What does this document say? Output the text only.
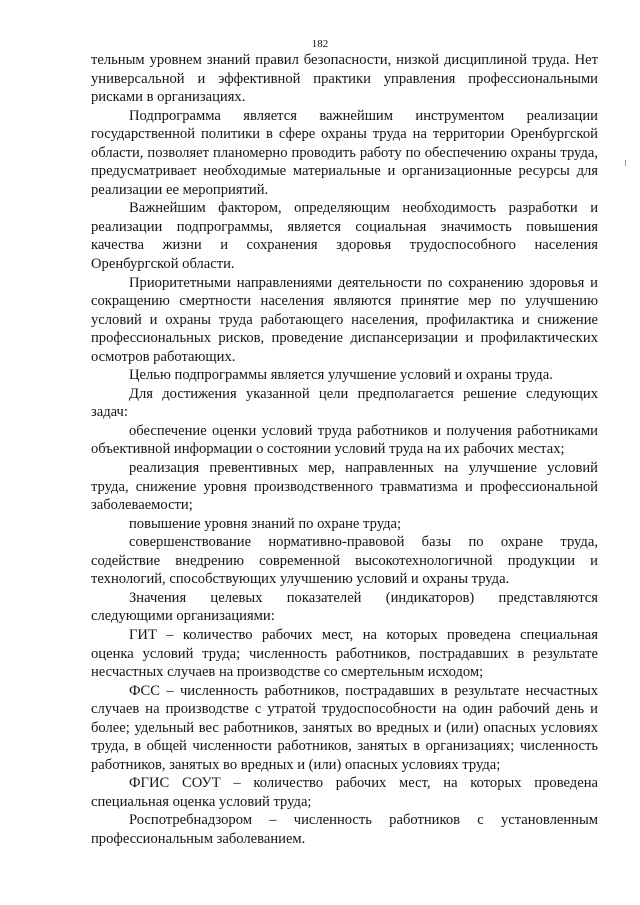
182

тельным уровнем знаний правил безопасности, низкой дисциплиной труда. Нет универсальной и эффективной практики управления профессиональными рисками в организациях.

Подпрограмма является важнейшим инструментом реализации государственной политики в сфере охраны труда на территории Оренбургской области, позволяет планомерно проводить работу по обеспечению охраны труда, предусматривает необходимые материальные и организационные ресурсы для реализации ее мероприятий.

Важнейшим фактором, определяющим необходимость разработки и реализации подпрограммы, является социальная значимость повышения качества жизни и сохранения здоровья трудоспособного населения Оренбургской области.

Приоритетными направлениями деятельности по сохранению здоровья и сокращению смертности населения являются принятие мер по улучшению условий и охраны труда работающего населения, профилактика и снижение профессиональных рисков, проведение диспансеризации и профилактических осмотров работающих.

Целью подпрограммы является улучшение условий и охраны труда.

Для достижения указанной цели предполагается решение следующих задач:

обеспечение оценки условий труда работников и получения работниками объективной информации о состоянии условий труда на их рабочих местах;

реализация превентивных мер, направленных на улучшение условий труда, снижение уровня производственного травматизма и профессиональной заболеваемости;

повышение уровня знаний по охране труда;

совершенствование нормативно-правовой базы по охране труда, содействие внедрению современной высокотехнологичной продукции и технологий, способствующих улучшению условий и охраны труда.

Значения целевых показателей (индикаторов) представляются следующими организациями:

ГИТ – количество рабочих мест, на которых проведена специальная оценка условий труда; численность работников, пострадавших в результате несчастных случаев на производстве со смертельным исходом;

ФСС – численность работников, пострадавших в результате несчастных случаев на производстве с утратой трудоспособности на один рабочий день и более; удельный вес работников, занятых во вредных и (или) опасных условиях труда, в общей численности работников, занятых в организациях; численность работников, занятых во вредных и (или) опасных условиях труда;

ФГИС СОУТ – количество рабочих мест, на которых проведена специальная оценка условий труда;

Роспотребнадзором – численность работников с установленным профессиональным заболеванием.
